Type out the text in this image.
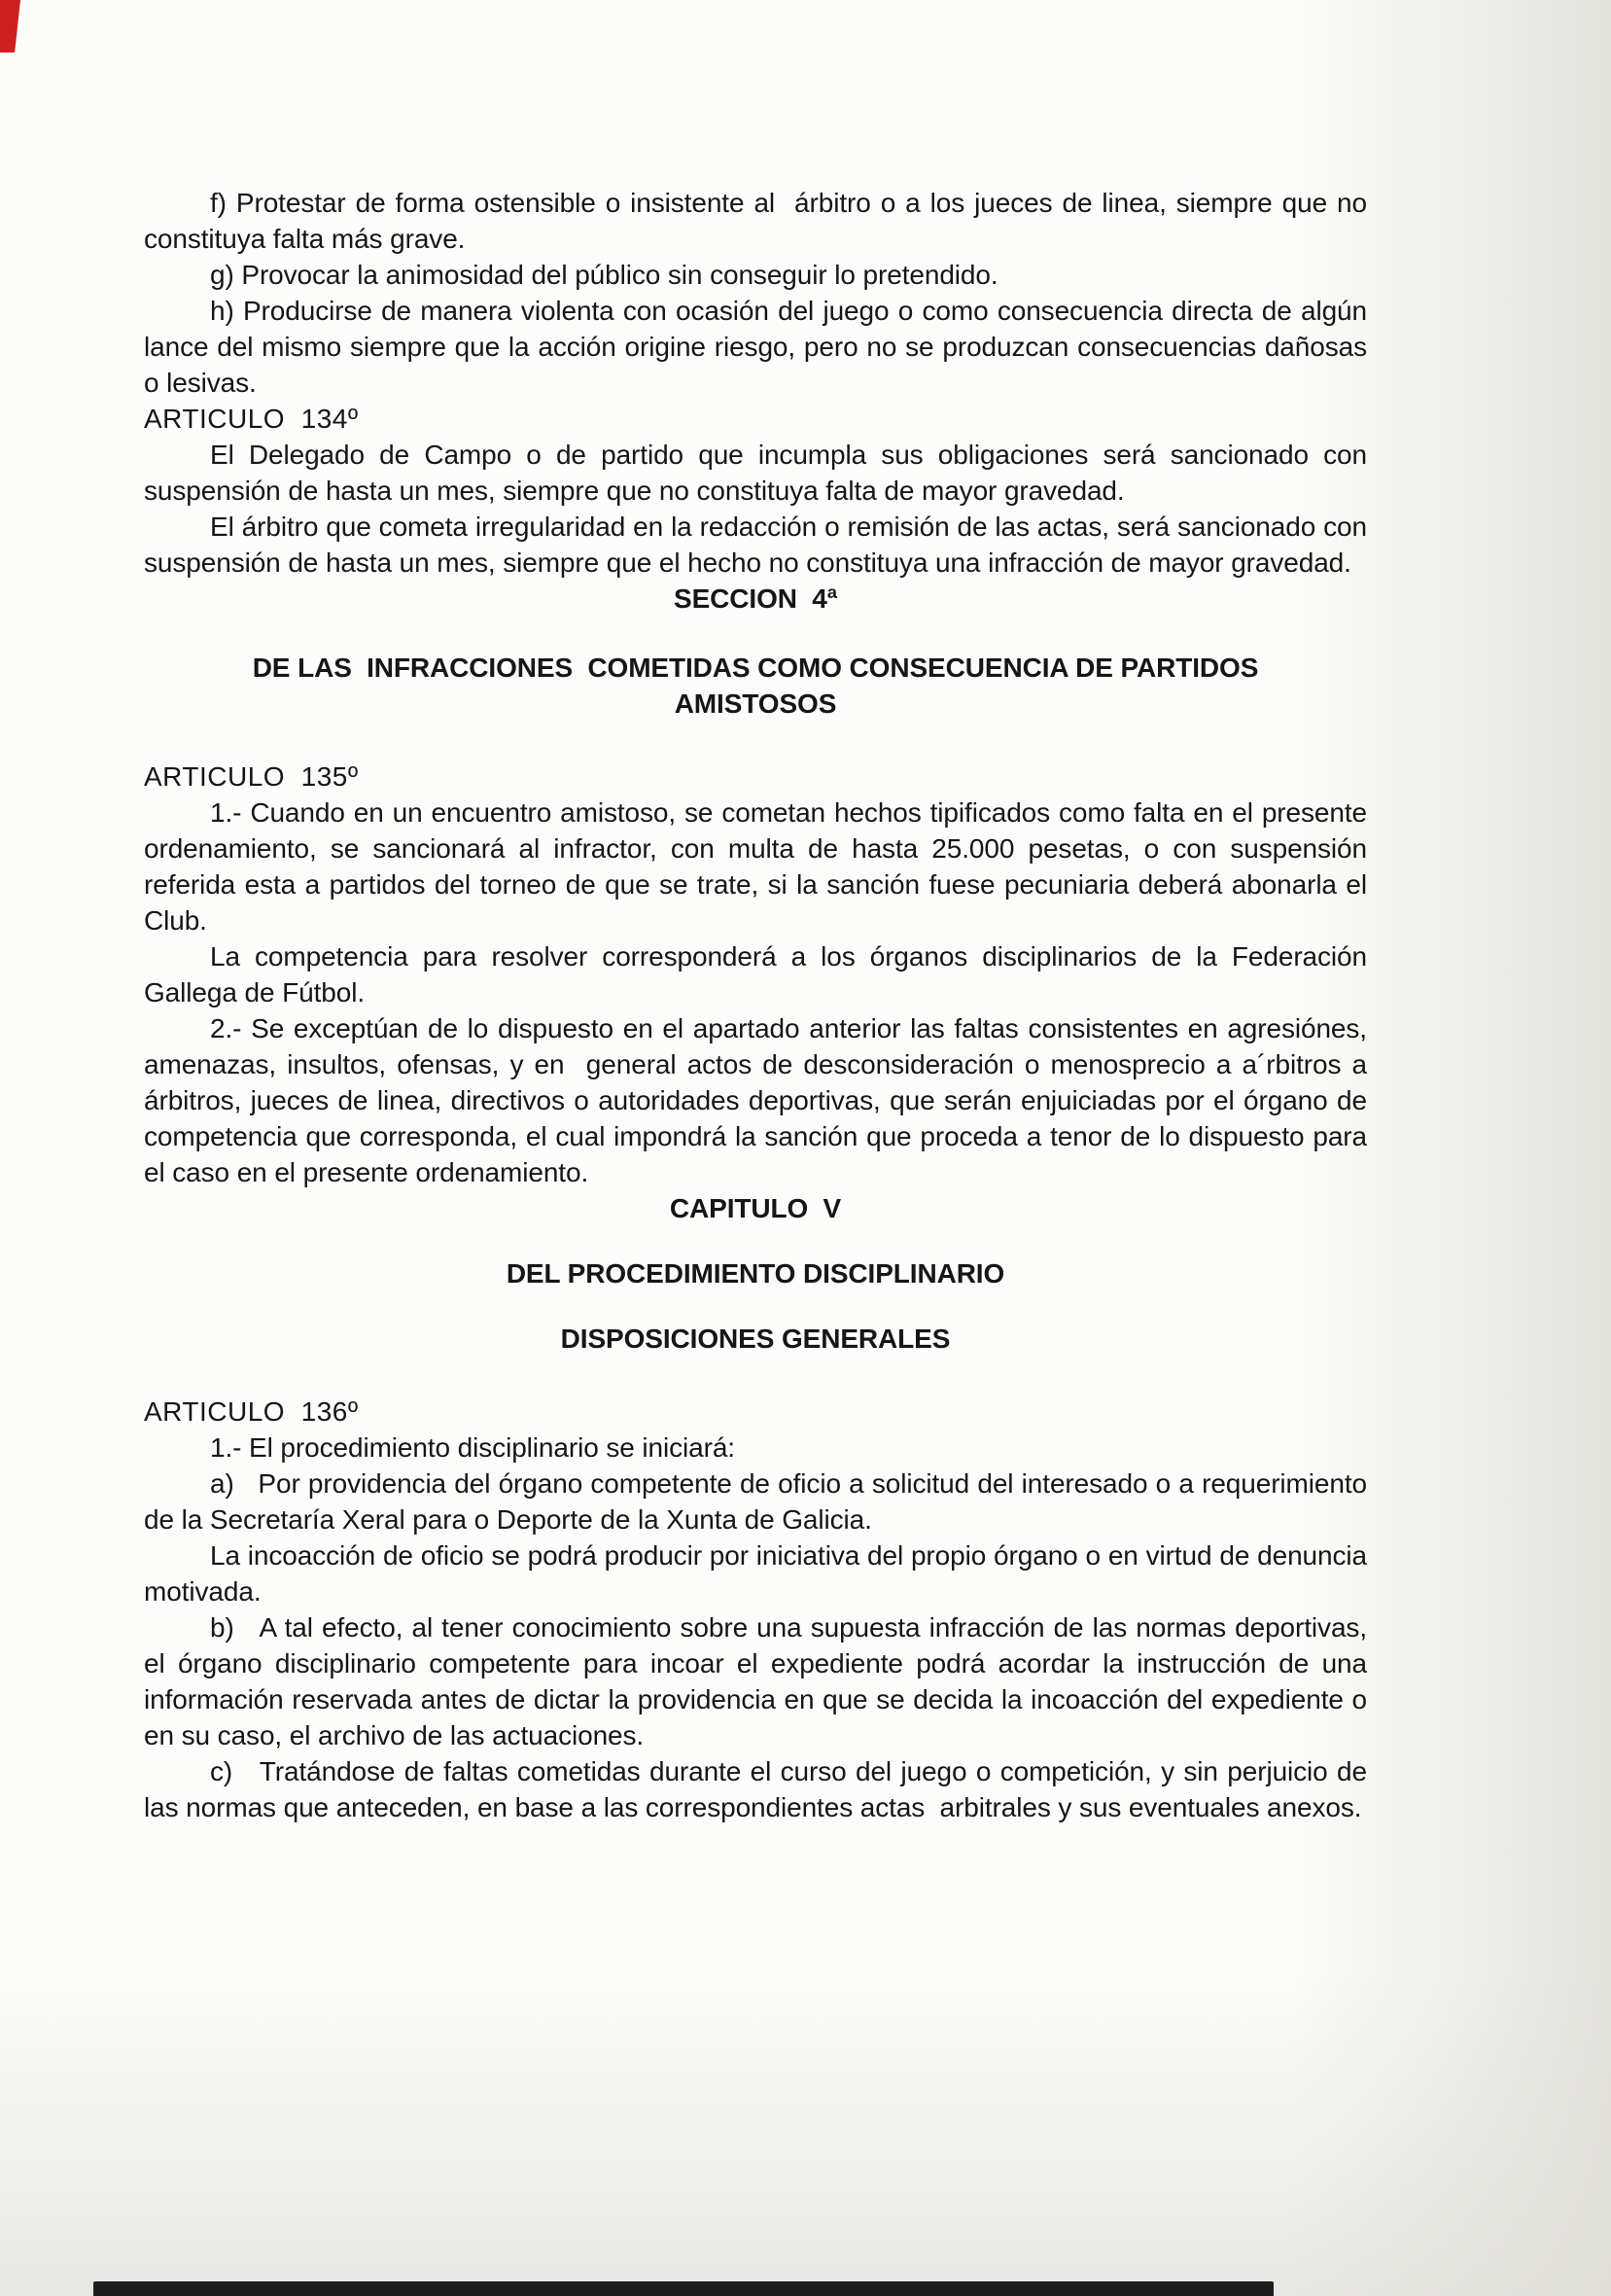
f) Protestar de forma ostensible o insistente al  árbitro o a los jueces de linea, siempre que no constituya falta más grave.

g) Provocar la animosidad del público sin conseguir lo pretendido.

h) Producirse de manera violenta con ocasión del juego o como consecuencia directa de algún lance del mismo siempre que la acción origine riesgo, pero no se produzcan consecuencias dañosas o lesivas.

ARTICULO  134º

El Delegado de Campo o de partido que incumpla sus obligaciones será sancionado con suspensión de hasta un mes, siempre que no constituya falta de mayor gravedad.

El árbitro que cometa irregularidad en la redacción o remisión de las actas, será sancionado con suspensión de hasta un mes, siempre que el hecho no constituya una infracción de mayor gravedad.

SECCION  4ª
DE LAS  INFRACCIONES  COMETIDAS COMO CONSECUENCIA DE PARTIDOS AMISTOSOS
ARTICULO  135º

1.- Cuando en un encuentro amistoso, se cometan hechos tipificados como falta en el presente ordenamiento, se sancionará al infractor, con multa de hasta 25.000 pesetas, o con suspensión referida esta a partidos del torneo de que se trate, si la sanción fuese pecuniaria deberá abonarla el Club.

La competencia para resolver corresponderá a los órganos disciplinarios de la Federación Gallega de Fútbol.

2.- Se exceptúan de lo dispuesto en el apartado anterior las faltas consistentes en agresiónes, amenazas, insultos, ofensas, y en  general actos de desconsideración o menosprecio a a´rbitros a árbitros, jueces de linea, directivos o autoridades deportivas, que serán enjuiciadas por el órgano de competencia que corresponda, el cual impondrá la sanción que proceda a tenor de lo dispuesto para el caso en el presente ordenamiento.

CAPITULO  V
DEL PROCEDIMIENTO DISCIPLINARIO
DISPOSICIONES GENERALES
ARTICULO  136º

1.- El procedimiento disciplinario se iniciará:

a)   Por providencia del órgano competente de oficio a solicitud del interesado o a requerimiento de la Secretaría Xeral para o Deporte de la Xunta de Galicia.

La incoacción de oficio se podrá producir por iniciativa del propio órgano o en virtud de denuncia motivada.

b)   A tal efecto, al tener conocimiento sobre una supuesta infracción de las normas deportivas, el órgano disciplinario competente para incoar el expediente podrá acordar la instrucción de una información reservada antes de dictar la providencia en que se decida la incoacción del expediente o en su caso, el archivo de las actuaciones.

c)   Tratándose de faltas cometidas durante el curso del juego o competición, y sin perjuicio de las normas que anteceden, en base a las correspondientes actas  arbitrales y sus eventuales anexos.
